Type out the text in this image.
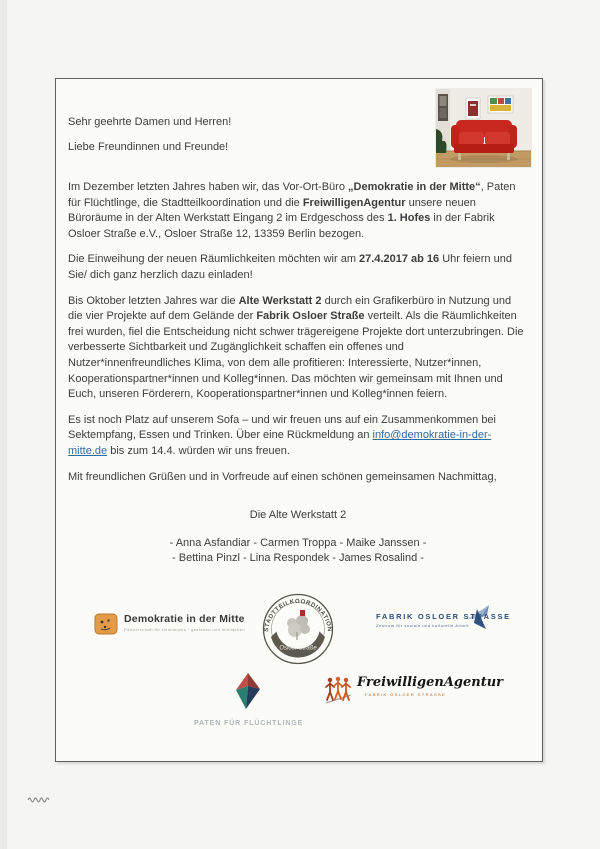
Sehr geehrte Damen und Herren!

Liebe Freundinnen und Freunde!

Im Dezember letzten Jahres haben wir, das Vor-Ort-Büro „Demokratie in der Mitte“, Paten für Flüchtlinge, die Stadtteilkoordination und die FreiwilligenAgentur unsere neuen Büroräume in der Alten Werkstatt Eingang 2 im Erdgeschoss des 1. Hofes in der Fabrik Osloer Straße e.V., Osloer Straße 12, 13359 Berlin bezogen.

Die Einweihung der neuen Räumlichkeiten möchten wir am 27.4.2017 ab 16 Uhr feiern und Sie/ dich ganz herzlich dazu einladen!

Bis Oktober letzten Jahres war die Alte Werkstatt 2 durch ein Grafikerbüro in Nutzung und die vier Projekte auf dem Gelände der Fabrik Osloer Straße verteilt. Als die Räumlichkeiten frei wurden, fiel die Entscheidung nicht schwer trägereigene Projekte dort unterzubringen. Die verbesserte Sichtbarkeit und Zugänglichkeit schaffen ein offenes und Nutzer*innenfreundliches Klima, von dem alle profitieren: Interessierte, Nutzer*innen, Kooperationspartner*innen und Kolleg*innen. Das möchten wir gemeinsam mit Ihnen und Euch, unseren Förderern, Kooperationspartner*innen und Kolleg*innen feiern.

Es ist noch Platz auf unserem Sofa – und wir freuen uns auf ein Zusammenkommen bei Sektempfang, Essen und Trinken. Über eine Rückmeldung an info@demokratie-in-der-mitte.de bis zum 14.4. würden wir uns freuen.

Mit freundlichen Grüßen und in Vorfreude auf einen schönen gemeinsamen Nachmittag,

Die Alte Werkstatt 2
- Anna Asfandiar - Carmen Troppa - Maike Janssen -
- Bettina Pinzl - Lina Respondek - James Rosalind -
Demokratie in der Mitte
Partnerschaft für Demokratie · gestalten und mitmachen	STADTTEILKOORDINATION
Osloer Straße
FABRIK OSLOER STRASSE
Zentrum für soziale und kulturelle Arbeit
PATEN FÜR FLÜCHTLINGE
FreiwilligenAgentur
FABRIK OSLOER STRASSE
